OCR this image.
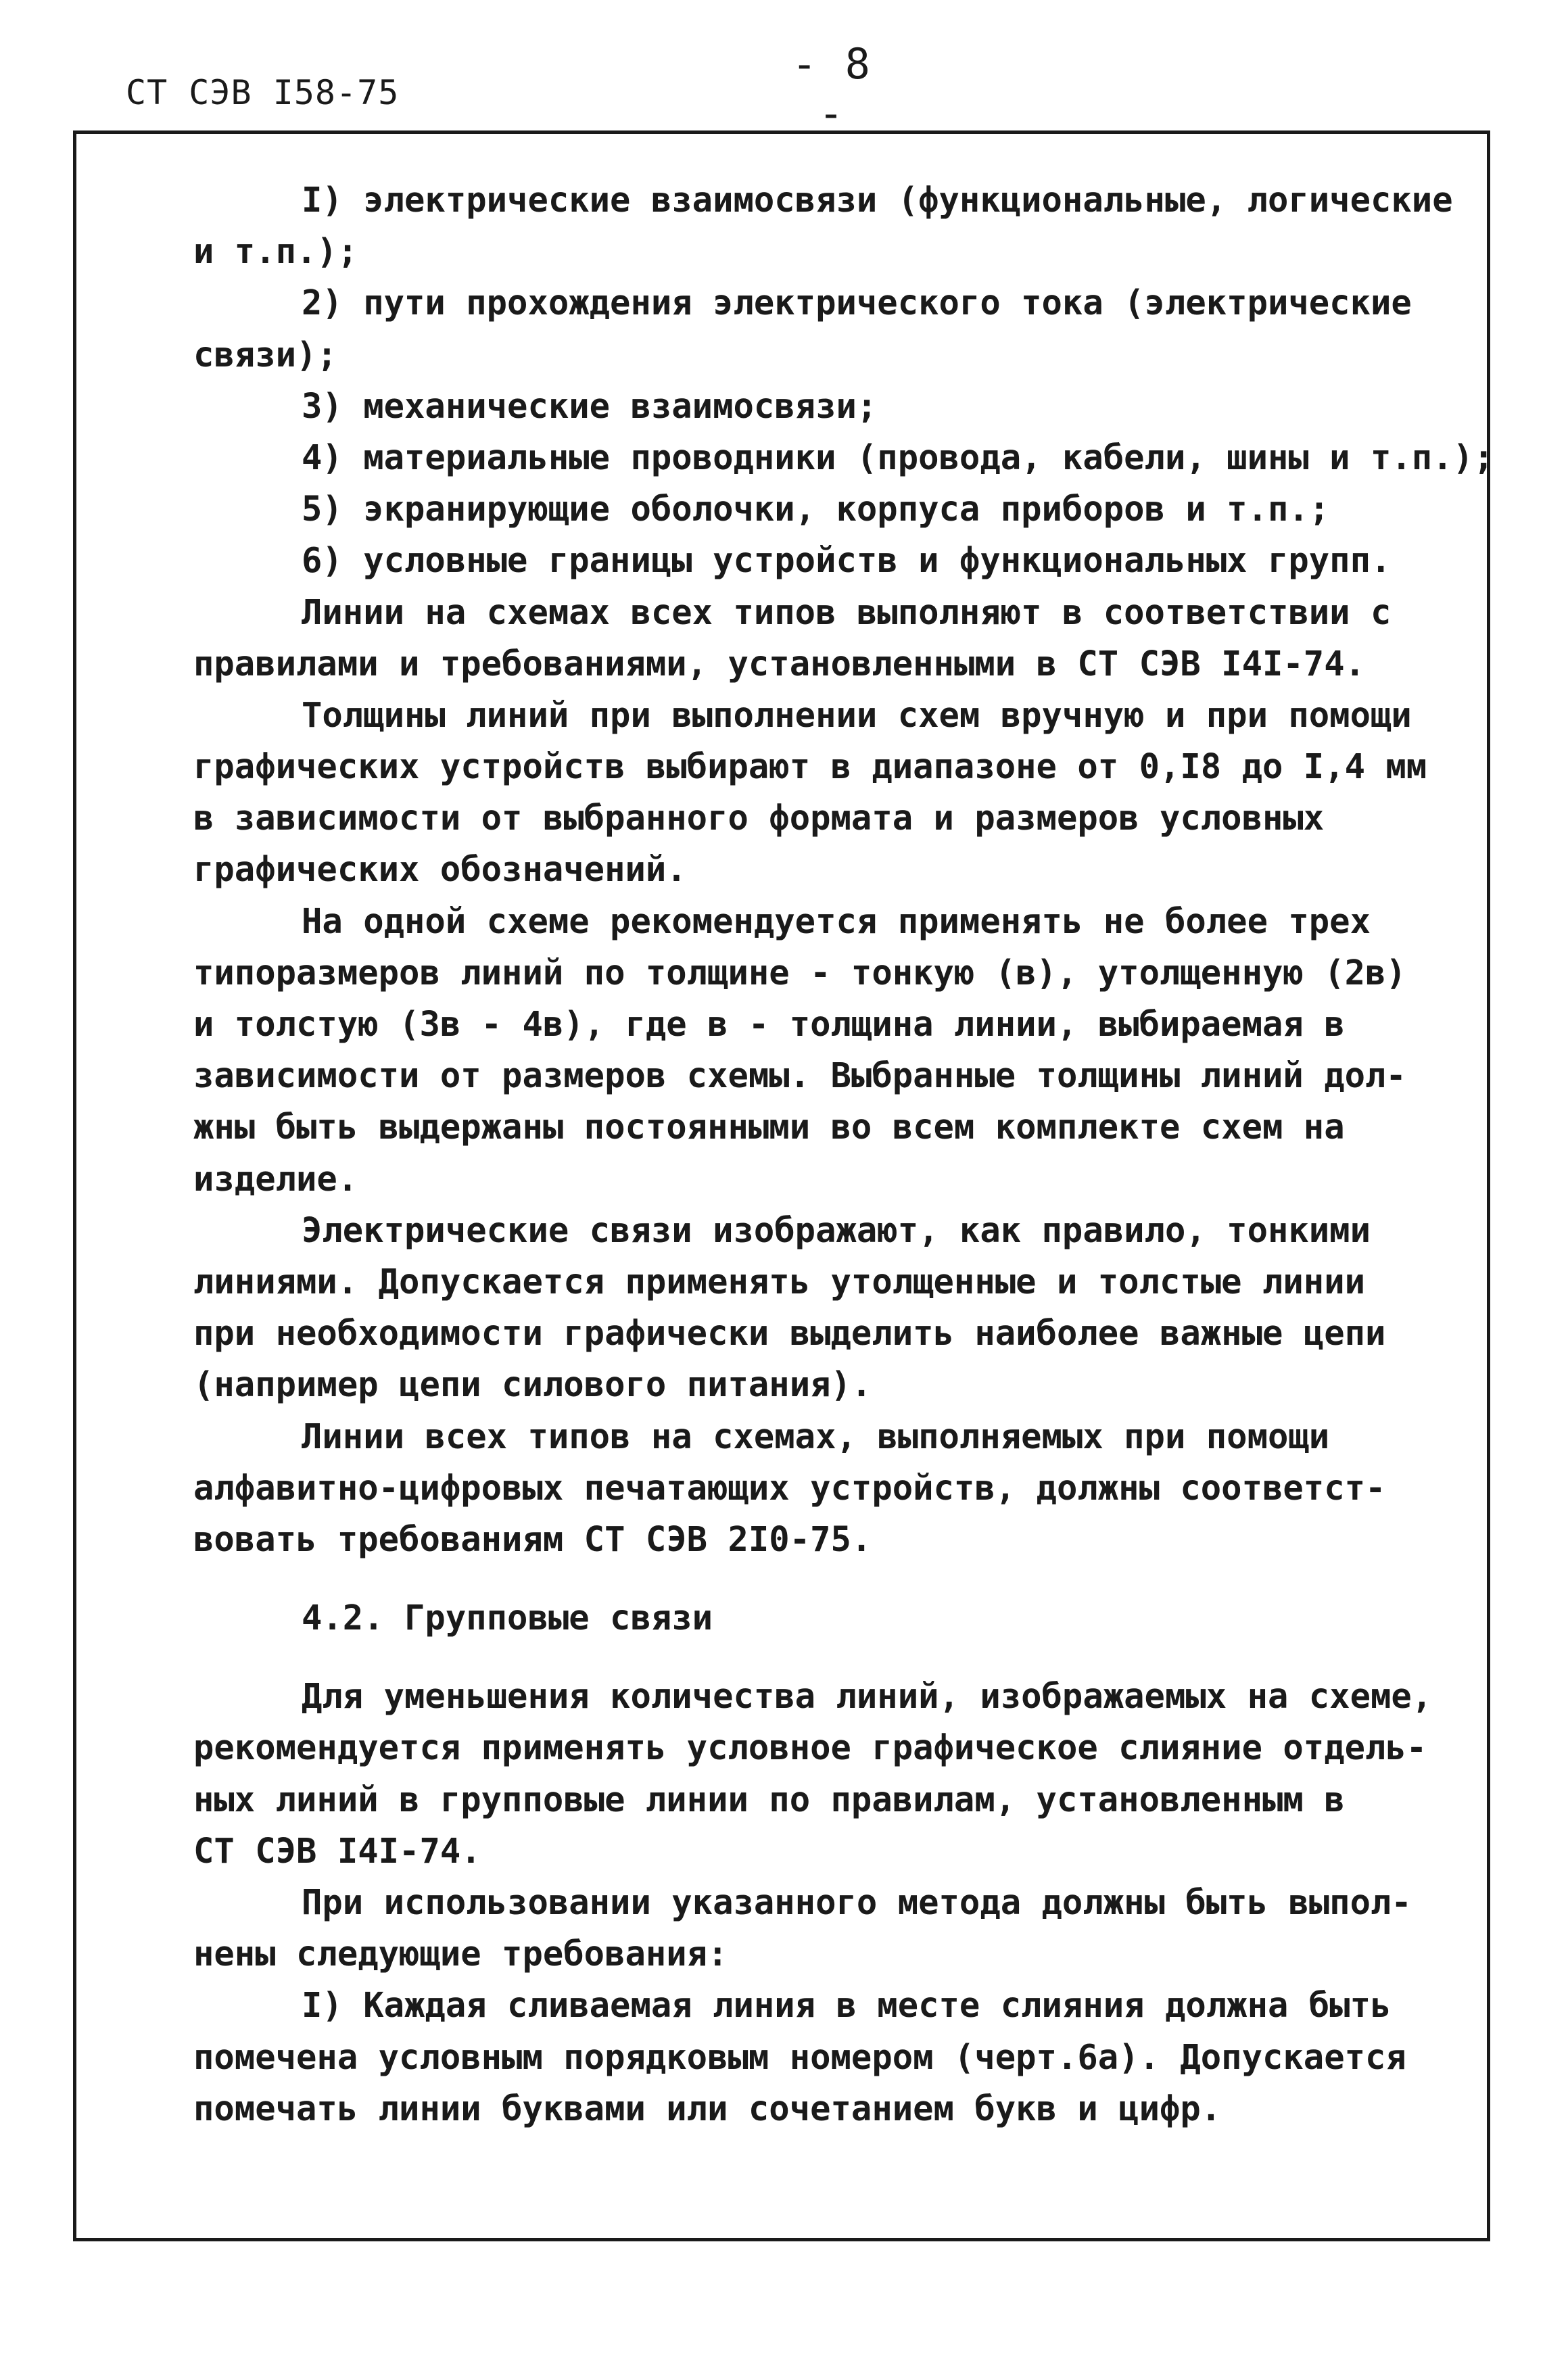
- 8 -
СТ СЭВ I58-75
I) электрические взаимосвязи (функциональные, логические
и т.п.);
2) пути прохождения электрического тока (электрические
связи);
3) механические взаимосвязи;
4) материальные проводники (провода, кабели, шины и т.п.);
5) экранирующие оболочки, корпуса приборов и т.п.;
6) условные границы устройств и функциональных групп.
Линии на схемах всех типов выполняют в соответствии с
правилами и требованиями, установленными в СТ СЭВ I4I-74.
Толщины линий при выполнении схем вручную и при помощи
графических устройств выбирают в диапазоне от 0,I8 до I,4 мм
в зависимости от выбранного формата и размеров условных
графических обозначений.
На одной схеме рекомендуется применять не более трех
типоразмеров линий по толщине - тонкую (в), утолщенную (2в)
и толстую (3в - 4в), где в - толщина линии, выбираемая в
зависимости от размеров схемы. Выбранные толщины линий дол-
жны быть выдержаны постоянными во всем комплекте схем на
изделие.
Электрические связи изображают, как правило, тонкими
линиями. Допускается применять утолщенные и толстые линии
при необходимости графически выделить наиболее важные цепи
(например цепи силового питания).
Линии всех типов на схемах, выполняемых при помощи
алфавитно-цифровых печатающих устройств, должны соответст-
вовать требованиям СТ СЭВ 2I0-75.
4.2. Групповые связи
Для уменьшения количества линий, изображаемых на схеме,
рекомендуется применять условное графическое слияние отдель-
ных линий в групповые линии по правилам, установленным в
СТ СЭВ I4I-74.
При использовании указанного метода должны быть выпол-
нены следующие требования:
I) Каждая сливаемая линия в месте слияния должна быть
помечена условным порядковым номером (черт.6а). Допускается
помечать линии буквами или сочетанием букв и цифр.
